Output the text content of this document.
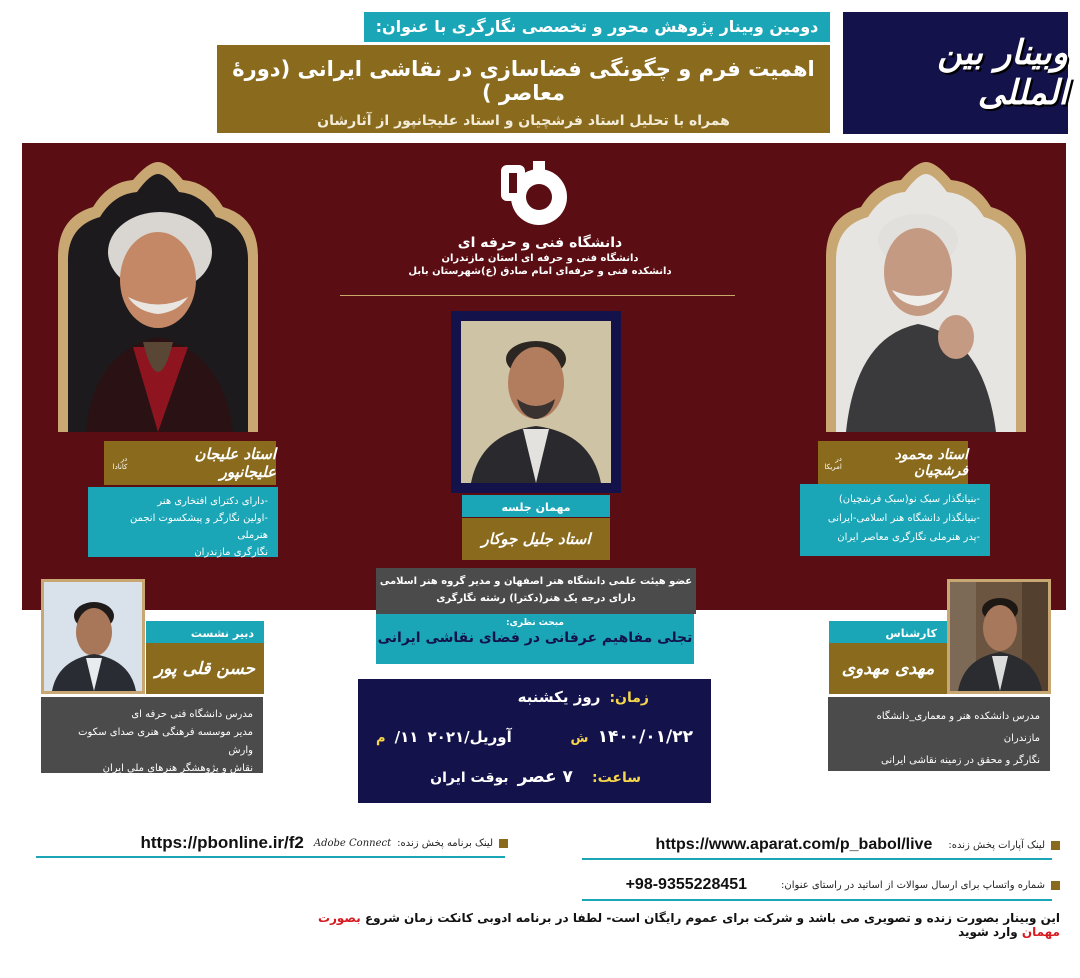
وبینار بین المللی
دومین وبینار پژوهش محور و تخصصی نگارگری با عنوان:
اهمیت فرم و چگونگی فضاسازی در نقاشی ایرانی (دورۀ معاصر )
همراه با تحلیل استاد فرشچیان و استاد علیجانپور از آثارشان
دانشگاه فنی و حرفه ای
دانشگاه فنی و حرفه ای استان مازندران
دانشکده فنی و حرفه‌ای امام صادق (ع)شهرستان بابل
استاد علیجان علیجانپور
در کانادا
-دارای دکترای افتخاری هنر
-اولین نگارگر و پیشکسوت انجمن هنرملی
نگارگری مازندران
استاد محمود فرشچیان
در امریکا
-بنیانگذار سبک نو(سبک فرشچیان)
-بنیانگذار دانشگاه هنر اسلامی-ایرانی
-پدر هنرملی نگارگری معاصر ایران
مهمان جلسه
استاد جلیل جوکار
عضو هیئت علمی دانشگاه هنر اصفهان و مدیر گروه هنر اسلامی
دارای درجه یک هنر(دکترا) رشته نگارگری
مبحث نظری:
تجلی مفاهیم عرفانی در فضای نقاشی ایرانی
دبیر نشست
حسن قلی پور
مدرس دانشگاه فنی حرفه ای
مدیر موسسه فرهنگی هنری صدای سکوت وارش
نقاش و پژوهشگر هنرهای ملي ایران
کارشناس
مهدی مهدوی
مدرس دانشکده هنر و معماری_دانشگاه مازندران
نگارگر و محقق در زمینه نقاشی ایرانی
زمان: روز یکشنبه
۱۴۰۰/۰۱/۲۲ ش
آوریل/۲۰۲۱ ۱۱/ م
ساعت: ۷ عصر بوقت ایران
لینک برنامه پخش زنده:
Adobe Connect
https://pbonline.ir/f2	لینک آپارات پخش زنده:
https://www.aparat.com/p_babol/live
شماره واتساپ برای ارسال سوالات از اساتید در راستای عنوان:
+98-9355228451
این وبینار بصورت زنده و تصویری می باشد و شرکت برای عموم رایگان است- لطفا در برنامه ادوبی کانکت زمان شروع بصورت مهمان وارد شوید
